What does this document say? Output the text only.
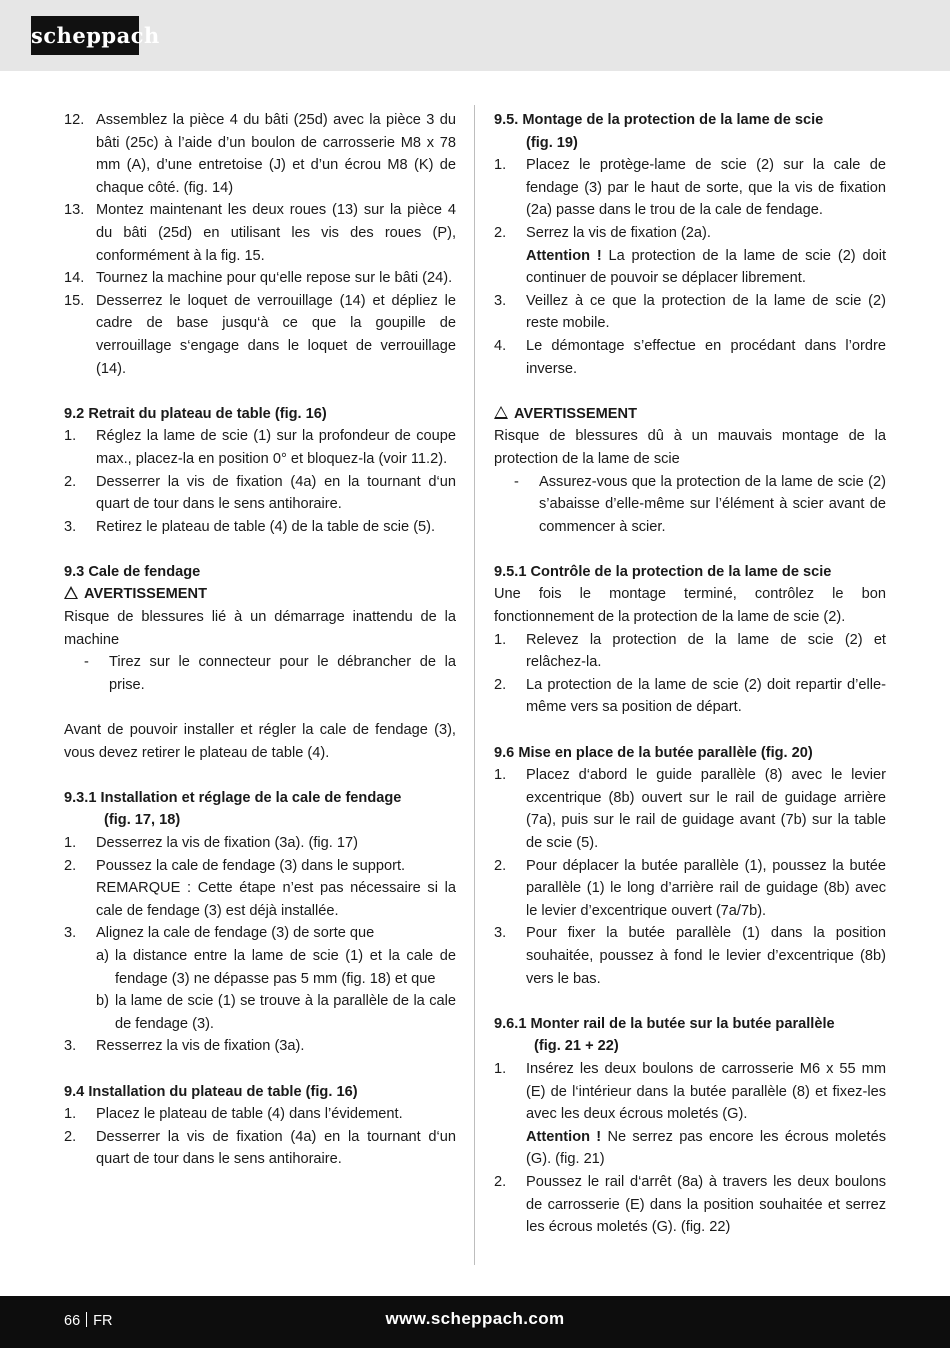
scheppach
12. Assemblez la pièce 4 du bâti (25d) avec la pièce 3 du bâti (25c) à l’aide d’un boulon de carrosserie M8 x 78 mm (A), d’une entretoise (J) et d’un écrou M8 (K) de chaque côté. (fig. 14)
13. Montez maintenant les deux roues (13) sur la pièce 4 du bâti (25d) en utilisant les vis des roues (P), conformément à la fig. 15.
14. Tournez la machine pour qu‘elle repose sur le bâti (24).
15. Desserrez le loquet de verrouillage (14) et dépliez le cadre de base jusqu‘à ce que la goupille de verrouillage s‘engage dans le loquet de verrouillage (14).
9.2 Retrait du plateau de table (fig. 16)
1.	Réglez la lame de scie (1) sur la profondeur de coupe max., placez-la en position 0° et bloquez-la (voir 11.2).
2.	Desserrer la vis de fixation (4a) en la tournant d‘un quart de tour dans le sens antihoraire.
3.	Retirez le plateau de table (4) de la table de scie (5).
9.3 Cale de fendage
AVERTISSEMENT
Risque de blessures lié à un démarrage inattendu de la machine
-	Tirez sur le connecteur pour le débrancher de la prise.
Avant de pouvoir installer et régler la cale de fendage (3), vous devez retirer le plateau de table (4).
9.3.1 Installation et réglage de la cale de fendage
(fig. 17, 18)
1.	Desserrez la vis de fixation (3a). (fig. 17)
2.	Poussez la cale de fendage (3) dans le support.
REMARQUE : Cette étape n’est pas nécessaire si la cale de fendage (3) est déjà installée.
3.	Alignez la cale de fendage (3) de sorte que
a) la distance entre la lame de scie (1) et la cale de fendage (3) ne dépasse pas 5 mm (fig. 18) et que
b) la lame de scie (1) se trouve à la parallèle de la cale de fendage (3).
3.	Resserrez la vis de fixation (3a).
9.4 Installation du plateau de table (fig. 16)
1.	Placez le plateau de table (4) dans l’évidement.
2.	Desserrer la vis de fixation (4a) en la tournant d‘un quart de tour dans le sens antihoraire.
9.5. Montage de la protection de la lame de scie
(fig. 19)
1.	Placez le protège-lame de scie (2) sur la cale de fendage (3) par le haut de sorte, que la vis de fixation (2a) passe dans le trou de la cale de fendage.
2.	Serrez la vis de fixation (2a).
Attention ! La protection de la lame de scie (2) doit continuer de pouvoir se déplacer librement.
3.	Veillez à ce que la protection de la lame de scie (2) reste mobile.
4.	Le démontage s’effectue en procédant dans l’ordre inverse.
AVERTISSEMENT
Risque de blessures dû à un mauvais montage de la protection de la lame de scie
-	Assurez-vous que la protection de la lame de scie (2) s’abaisse d’elle-même sur l’élément à scier avant de commencer à scier.
9.5.1 Contrôle de la protection de la lame de scie
Une fois le montage terminé, contrôlez le bon fonctionnement de la protection de la lame de scie (2).
1.	Relevez la protection de la lame de scie (2) et relâchez-la.
2.	La protection de la lame de scie (2) doit repartir d’elle-même vers sa position de départ.
9.6 Mise en place de la butée parallèle (fig. 20)
1.	Placez d‘abord le guide parallèle (8) avec le levier excentrique (8b) ouvert sur le rail de guidage arrière (7a), puis sur le rail de guidage avant (7b) sur la table de scie (5).
2.	Pour déplacer la butée parallèle (1), poussez la butée parallèle (1) le long d’arrière rail de guidage (8b) avec le levier d’excentrique ouvert (7a/7b).
3.	Pour fixer la butée parallèle (1) dans la position souhaitée, poussez à fond le levier d’excentrique (8b) vers le bas.
9.6.1 Monter rail de la butée sur la butée parallèle
(fig. 21 + 22)
1.	Insérez les deux boulons de carrosserie M6 x 55 mm (E) de l‘intérieur dans la butée parallèle (8) et fixez-les avec les deux écrous moletés (G).
Attention ! Ne serrez pas encore les écrous moletés (G). (fig. 21)
2.	Poussez le rail d‘arrêt (8a) à travers les deux boulons de carrosserie (E) dans la position souhaitée et serrez les écrous moletés (G). (fig. 22)
66 FR	www.scheppach.com
